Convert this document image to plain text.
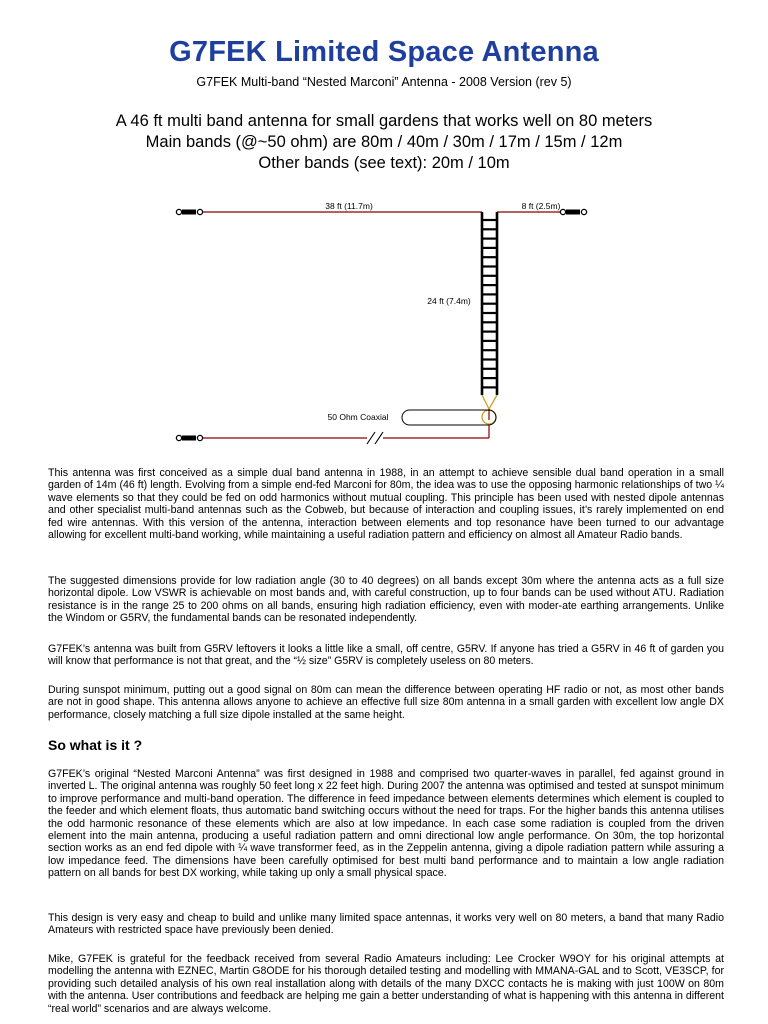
G7FEK Limited Space Antenna
G7FEK Multi-band “Nested Marconi” Antenna - 2008 Version (rev 5)
A 46 ft multi band antenna for small gardens that works well on 80 meters
Main bands (@~50 ohm) are 80m / 40m / 30m / 17m / 15m / 12m
Other bands (see text): 20m / 10m
38 ft (11.7m)	8 ft (2.5m)
24 ft (7.4m)
50 Ohm Coaxial

This antenna was first conceived as a simple dual band antenna in 1988, in an attempt to achieve sensible dual band operation in a small garden of 14m (46 ft) length. Evolving from a simple end-fed Marconi for 80m, the idea was to use the opposing harmonic relationships of two ¼ wave elements so that they could be fed on odd harmonics without mutual coupling. This principle has been used with nested dipole antennas and other specialist multi-band antennas such as the Cobweb, but because of interaction and coupling issues, it’s rarely implemented on end fed wire antennas. With this version of the antenna, interaction between elements and top resonance have been turned to our advantage allowing for excellent multi-band working, while maintaining a useful radiation pattern and efficiency on almost all Amateur Radio bands.

The suggested dimensions provide for low radiation angle (30 to 40 degrees) on all bands except 30m where the antenna acts as a full size horizontal dipole. Low VSWR is achievable on most bands and, with careful construction, up to four bands can be used without ATU. Radiation resistance is in the range 25 to 200 ohms on all bands, ensuring high radiation efficiency, even with moder-ate earthing arrangements. Unlike the Windom or G5RV, the fundamental bands can be resonated independently.

G7FEK’s antenna was built from G5RV leftovers it looks a little like a small, off centre, G5RV. If anyone has tried a G5RV in 46 ft of garden you will know that performance is not that great, and the “½ size” G5RV is completely useless on 80 meters.

During sunspot minimum, putting out a good signal on 80m can mean the difference between operating HF radio or not, as most other bands are not in good shape. This antenna allows anyone to achieve an effective full size 80m antenna in a small garden with excellent low angle DX performance, closely matching a full size dipole installed at the same height.

So what is it ?

G7FEK’s original “Nested Marconi Antenna” was first designed in 1988 and comprised two quarter-waves in parallel, fed against ground in inverted L. The original antenna was roughly 50 feet long x 22 feet high. During 2007 the antenna was optimised and tested at sunspot minimum to improve performance and multi-band operation. The difference in feed impedance between elements determines which element is coupled to the feeder and which element floats, thus automatic band switching occurs without the need for traps. For the higher bands this antenna utilises the odd harmonic resonance of these elements which are also at low impedance. In each case some radiation is coupled from the driven element into the main antenna, producing a useful radiation pattern and omni directional low angle performance. On 30m, the top horizontal section works as an end fed dipole with ¼ wave transformer feed, as in the Zeppelin antenna, giving a dipole radiation pattern while assuring a low impedance feed. The dimensions have been carefully optimised for best multi band performance and to maintain a low angle radiation pattern on all bands for best DX working, while taking up only a small physical space.

This design is very easy and cheap to build and unlike many limited space antennas, it works very well on 80 meters, a band that many Radio Amateurs with restricted space have previously been denied.

Mike, G7FEK is grateful for the feedback received from several Radio Amateurs including: Lee Crocker W9OY for his original attempts at modelling the antenna with EZNEC, Martin G8ODE for his thorough detailed testing and modelling with MMANA-GAL and to Scott, VE3SCP, for providing such detailed analysis of his own real installation along with details of the many DXCC contacts he is making with just 100W on 80m with the antenna. User contributions and feedback are helping me gain a better understanding of what is happening with this antenna in different “real world” scenarios and are always welcome.
